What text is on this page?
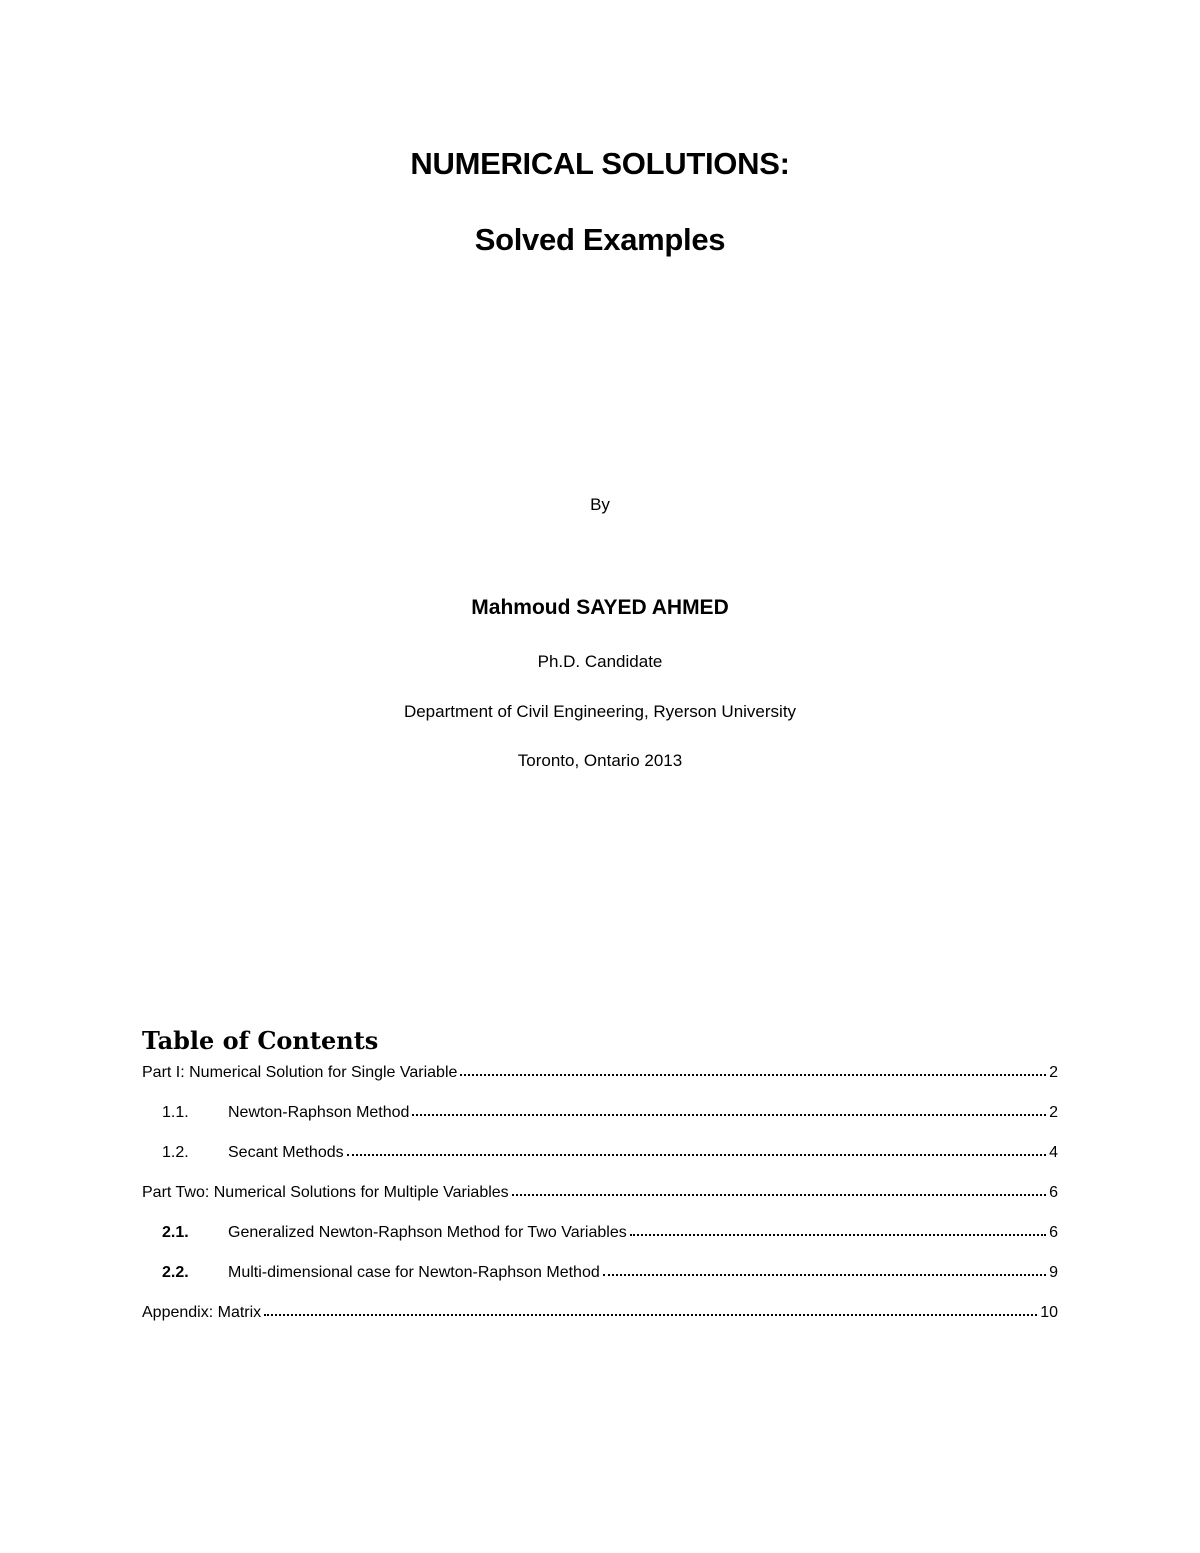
NUMERICAL SOLUTIONS:
Solved Examples
By
Mahmoud SAYED AHMED
Ph.D. Candidate
Department of Civil Engineering, Ryerson University
Toronto, Ontario 2013
Table of Contents
Part I: Numerical Solution for Single Variable	2
1.1.	Newton-Raphson Method	2
1.2.	Secant Methods	4
Part Two: Numerical Solutions for Multiple Variables	6
2.1.	Generalized Newton-Raphson Method for Two Variables	6
2.2.	Multi-dimensional case for Newton-Raphson Method	9
Appendix: Matrix	10
